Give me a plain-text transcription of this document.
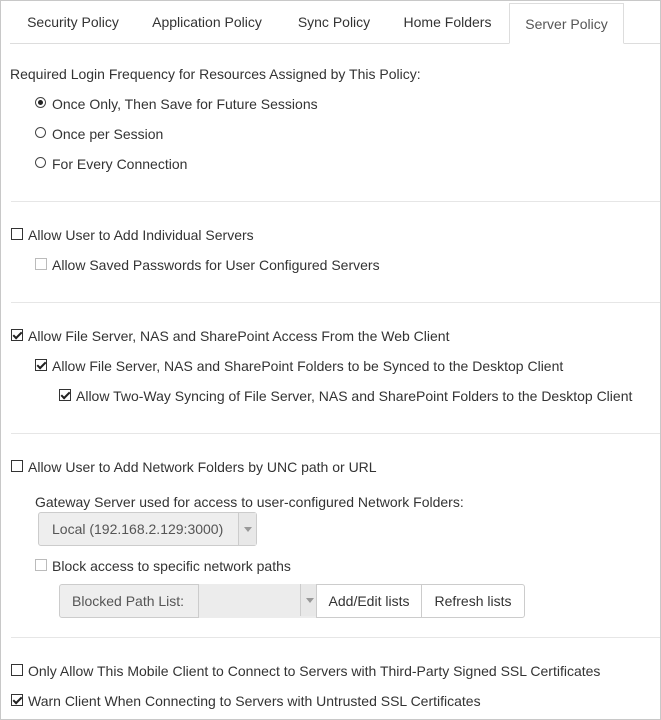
Security Policy	Application Policy	Sync Policy	Home Folders	Server Policy
Required Login Frequency for Resources Assigned by This Policy:
Once Only, Then Save for Future Sessions
Once per Session
For Every Connection
Allow User to Add Individual Servers
Allow Saved Passwords for User Configured Servers
Allow File Server, NAS and SharePoint Access From the Web Client
Allow File Server, NAS and SharePoint Folders to be Synced to the Desktop Client
Allow Two-Way Syncing of File Server, NAS and SharePoint Folders to the Desktop Client
Allow User to Add Network Folders by UNC path or URL
Gateway Server used for access to user-configured Network Folders:
Local (192.168.2.129:3000)
Block access to specific network paths
Blocked Path List:	Add/Edit lists	Refresh lists
Only Allow This Mobile Client to Connect to Servers with Third-Party Signed SSL Certificates
Warn Client When Connecting to Servers with Untrusted SSL Certificates
